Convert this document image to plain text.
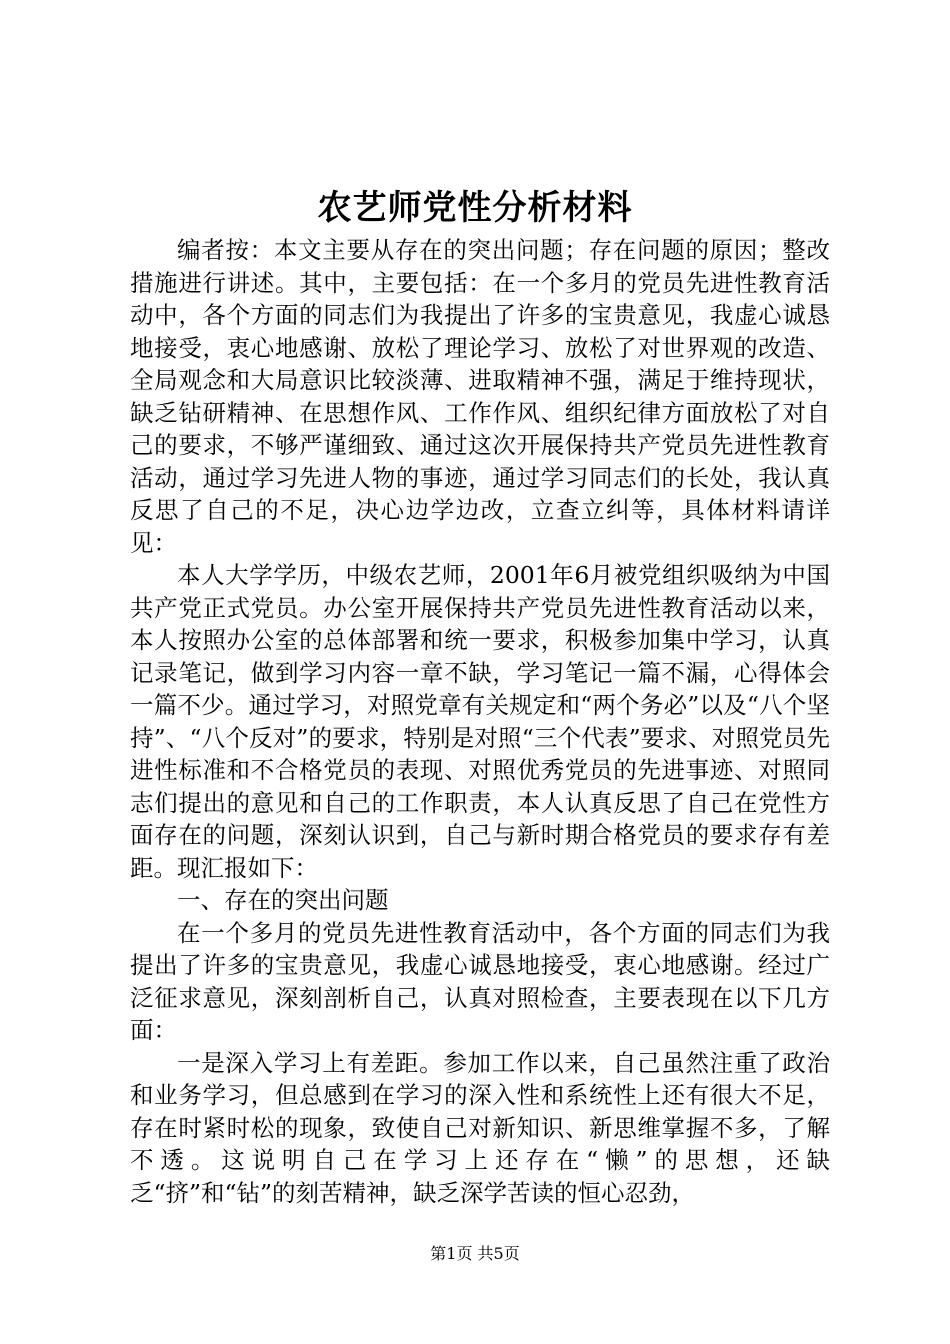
农艺师党性分析材料

编者按：本文主要从存在的突出问题；存在问题的原因；整改措施进行讲述。其中，主要包括：在一个多月的党员先进性教育活动中，各个方面的同志们为我提出了许多的宝贵意见，我虚心诚恳地接受，衷心地感谢、放松了理论学习、放松了对世界观的改造、全局观念和大局意识比较淡薄、进取精神不强，满足于维持现状，缺乏钻研精神、在思想作风、工作作风、组织纪律方面放松了对自己的要求，不够严谨细致、通过这次开展保持共产党员先进性教育活动，通过学习先进人物的事迹，通过学习同志们的长处，我认真反思了自己的不足，决心边学边改，立查立纠等，具体材料请详见：

本人大学学历，中级农艺师，2001年6月被党组织吸纳为中国共产党正式党员。办公室开展保持共产党员先进性教育活动以来，本人按照办公室的总体部署和统一要求，积极参加集中学习，认真记录笔记，做到学习内容一章不缺，学习笔记一篇不漏，心得体会一篇不少。通过学习，对照党章有关规定和“两个务必”以及“八个坚持”、“八个反对”的要求，特别是对照“三个代表”要求、对照党员先进性标准和不合格党员的表现、对照优秀党员的先进事迹、对照同志们提出的意见和自己的工作职责，本人认真反思了自己在党性方面存在的问题，深刻认识到，自己与新时期合格党员的要求存有差距。现汇报如下：

一、存在的突出问题

在一个多月的党员先进性教育活动中，各个方面的同志们为我提出了许多的宝贵意见，我虚心诚恳地接受，衷心地感谢。经过广泛征求意见，深刻剖析自己，认真对照检查，主要表现在以下几方面：

一是深入学习上有差距。参加工作以来，自己虽然注重了政治和业务学习，但总感到在学习的深入性和系统性上还有很大不足，存在时紧时松的现象，致使自己对新知识、新思维掌握不多，了解不透。这说明自己在学习上还存在“懒”的思想，还缺乏“挤”和“钻”的刻苦精神，缺乏深学苦读的恒心忍劲，

第1页 共5页
